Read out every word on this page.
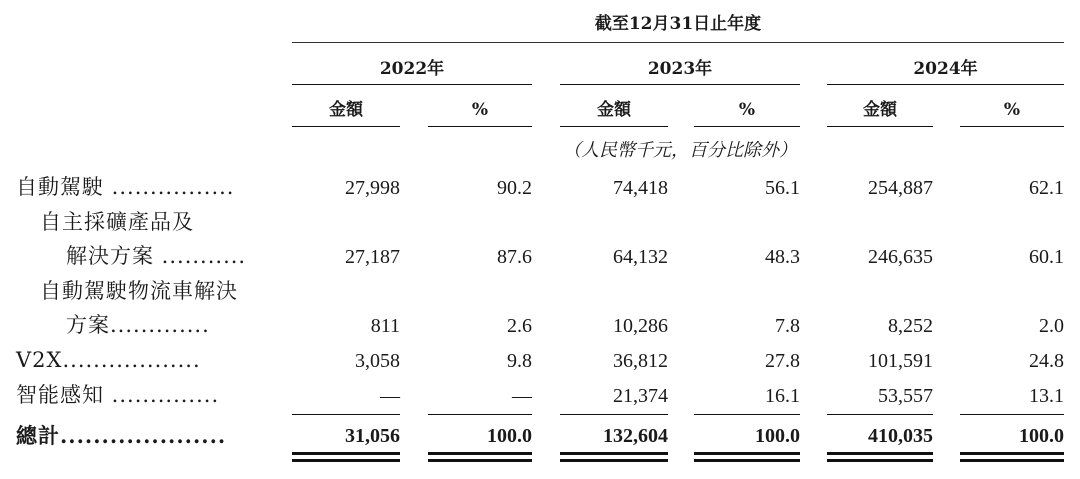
截至12月31日止年度
2022年	2023年	2024年
金額	%	金額	%	金額	%
（人民幣千元，百分比除外）
自動駕駛 ................	27,998	90.2	74,418	56.1	254,887	62.1
自主採礦產品及
解決方案 ...........	27,187	87.6	64,132	48.3	246,635	60.1
自動駕駛物流車解決
方案.............	811	2.6	10,286	7.8	8,252	2.0
V2X..................	3,058	9.8	36,812	27.8	101,591	24.8
智能感知 ..............	—	—	21,374	16.1	53,557	13.1
總計....................	31,056	100.0	132,604	100.0	410,035	100.0
